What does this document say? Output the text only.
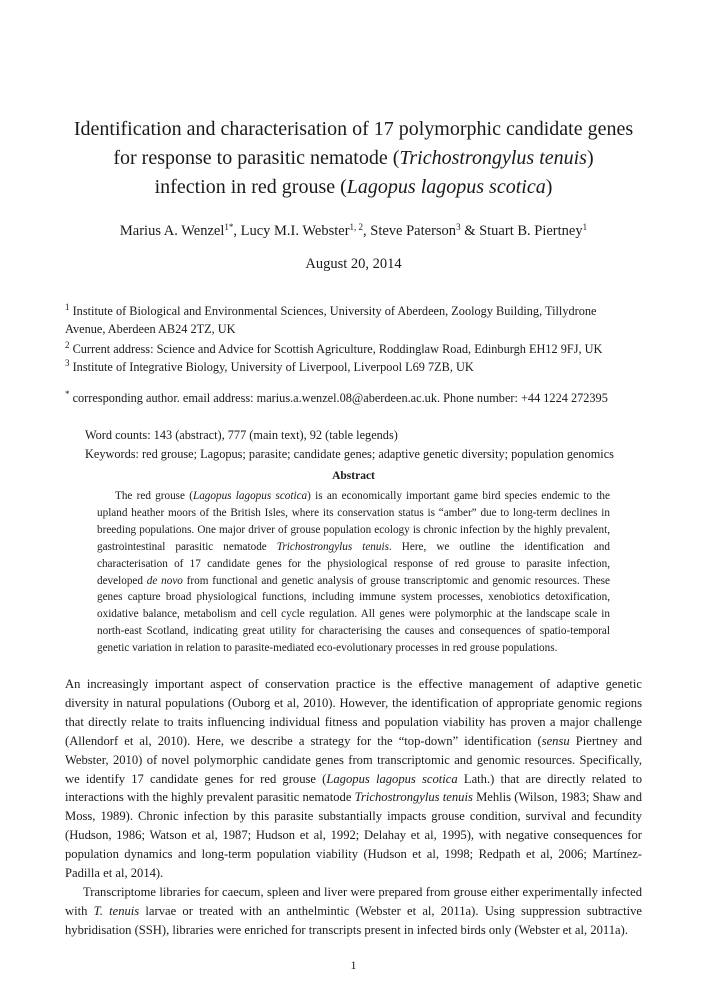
Identification and characterisation of 17 polymorphic candidate genes
for response to parasitic nematode (Trichostrongylus tenuis)
infection in red grouse (Lagopus lagopus scotica)
Marius A. Wenzel$^{1*}$, Lucy M.I. Webster$^{1, 2}$, Steve Paterson$^3$ & Stuart B. Piertney$^1$
August 20, 2014
$^1$ Institute of Biological and Environmental Sciences, University of Aberdeen, Zoology Building, Tillydrone
Avenue, Aberdeen AB24 2TZ, UK
$^2$ Current address: Science and Advice for Scottish Agriculture, Roddinglaw Road, Edinburgh EH12 9FJ, UK
$^3$ Institute of Integrative Biology, University of Liverpool, Liverpool L69 7ZB, UK
* corresponding author. email address: marius.a.wenzel.08@aberdeen.ac.uk. Phone number: +44 1224 272395
Word counts: 143 (abstract), 777 (main text), 92 (table legends)
Keywords: red grouse; Lagopus; parasite; candidate genes; adaptive genetic diversity; population genomics
Abstract

The red grouse (Lagopus lagopus scotica) is an economically important game bird species endemic to the upland heather moors of the British Isles, where its conservation status is “amber” due to long-term declines in breeding populations. One major driver of grouse population ecology is chronic infection by the highly prevalent, gastrointestinal parasitic nematode Trichostrongylus tenuis. Here, we outline the identification and characterisation of 17 candidate genes for the physiological response of red grouse to parasite infection, developed de novo from functional and genetic analysis of grouse transcriptomic and genomic resources. These genes capture broad physiological functions, including immune system processes, xenobiotics detoxification, oxidative balance, metabolism and cell cycle regulation. All genes were polymorphic at the landscape scale in north-east Scotland, indicating great utility for characterising the causes and consequences of spatio-temporal genetic variation in relation to parasite-mediated eco-evolutionary processes in red grouse populations.

An increasingly important aspect of conservation practice is the effective management of adaptive genetic diversity in natural populations (Ouborg et al, 2010). However, the identification of appropriate genomic regions that directly relate to traits influencing individual fitness and population viability has proven a major challenge (Allendorf et al, 2010). Here, we describe a strategy for the “top-down” identification (sensu Piertney and Webster, 2010) of novel polymorphic candidate genes from transcriptomic and genomic resources. Specifically, we identify 17 candidate genes for red grouse (Lagopus lagopus scotica Lath.) that are directly related to interactions with the highly prevalent parasitic nematode Trichostrongylus tenuis Mehlis (Wilson, 1983; Shaw and Moss, 1989). Chronic infection by this parasite substantially impacts grouse condition, survival and fecundity (Hudson, 1986; Watson et al, 1987; Hudson et al, 1992; Delahay et al, 1995), with negative consequences for population dynamics and long-term population viability (Hudson et al, 1998; Redpath et al, 2006; Martínez-Padilla et al, 2014).

Transcriptome libraries for caecum, spleen and liver were prepared from grouse either experimentally infected with T. tenuis larvae or treated with an anthelmintic (Webster et al, 2011a). Using suppression subtractive hybridisation (SSH), libraries were enriched for transcripts present in infected birds only (Webster et al, 2011a).

1
